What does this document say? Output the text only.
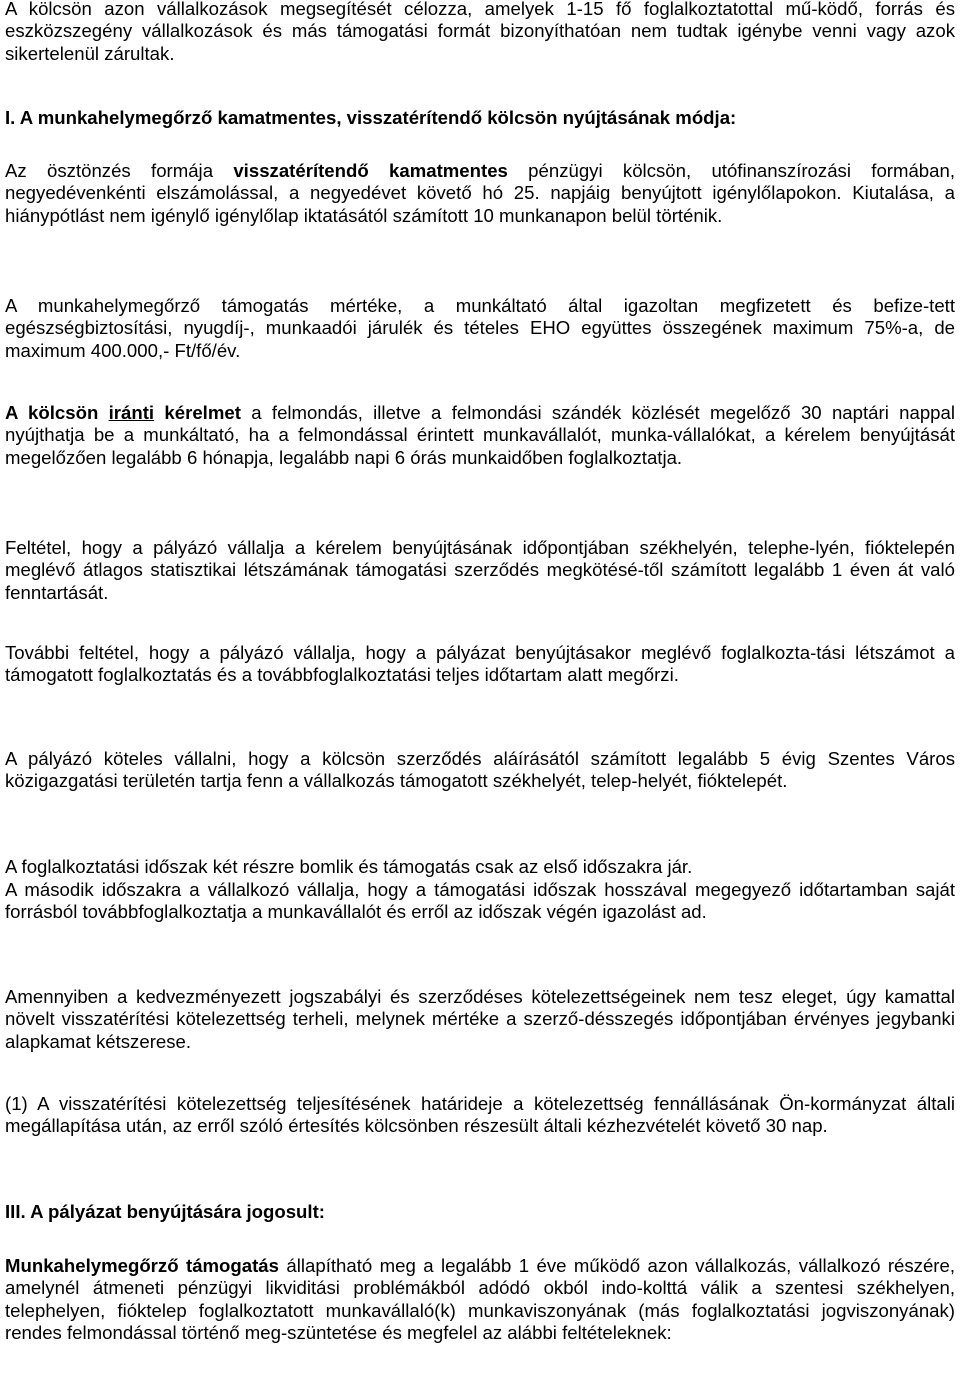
A kölcsön azon vállalkozások megsegítését célozza, amelyek 1-15 fő foglalkoztatottal mű-ködő, forrás és eszközszegény vállalkozások és más támogatási formát bizonyíthatóan nem tudtak igénybe venni vagy azok sikertelenül zárultak.

I. A munkahelymegőrző kamatmentes, visszatérítendő kölcsön nyújtásának módja:

Az ösztönzés formája visszatérítendő kamatmentes pénzügyi kölcsön, utófinanszírozási formában, negyedévenkénti elszámolással, a negyedévet követő hó 25. napjáig benyújtott igénylőlapokon. Kiutalása, a hiánypótlást nem igénylő igénylőlap iktatásától számított 10 munkanapon belül történik.

A munkahelymegőrző támogatás mértéke, a munkáltató által igazoltan megfizetett és befize-tett egészségbiztosítási, nyugdíj-, munkaadói járulék és tételes EHO együttes összegének maximum 75%-a, de maximum 400.000,- Ft/fő/év.

A kölcsön iránti kérelmet a felmondás, illetve a felmondási szándék közlését megelőző 30 naptári nappal nyújthatja be a munkáltató, ha a felmondással érintett munkavállalót, munka-vállalókat, a kérelem benyújtását megelőzően legalább 6 hónapja, legalább napi 6 órás munkaidőben foglalkoztatja.

Feltétel, hogy a pályázó vállalja a kérelem benyújtásának időpontjában székhelyén, telephe-lyén, fióktelepén meglévő átlagos statisztikai létszámának támogatási szerződés megkötésé-től számított legalább 1 éven át való fenntartását.

További feltétel, hogy a pályázó vállalja, hogy a pályázat benyújtásakor meglévő foglalkozta-tási létszámot a támogatott foglalkoztatás és a továbbfoglalkoztatási teljes időtartam alatt megőrzi.

A pályázó köteles vállalni, hogy a kölcsön szerződés aláírásától számított legalább 5 évig Szentes Város közigazgatási területén tartja fenn a vállalkozás támogatott székhelyét, telep-helyét, fióktelepét.

A foglalkoztatási időszak két részre bomlik és támogatás csak az első időszakra jár.

A második időszakra a vállalkozó vállalja, hogy a támogatási időszak hosszával megegyező időtartamban saját forrásból továbbfoglalkoztatja a munkavállalót és erről az időszak végén igazolást ad.

Amennyiben a kedvezményezett jogszabályi és szerződéses kötelezettségeinek nem tesz eleget, úgy kamattal növelt visszatérítési kötelezettség terheli, melynek mértéke a szerző-désszegés időpontjában érvényes jegybanki alapkamat kétszerese.

(1) A visszatérítési kötelezettség teljesítésének határideje a kötelezettség fennállásának Ön-kormányzat általi megállapítása után, az erről szóló értesítés kölcsönben részesült általi kézhezvételét követő 30 nap.

III. A pályázat benyújtására jogosult:

Munkahelymegőrző támogatás állapítható meg a legalább 1 éve működő azon vállalkozás, vállalkozó részére, amelynél átmeneti pénzügyi likviditási problémákból adódó okból indo-kolttá válik a szentesi székhelyen, telephelyen, fióktelep foglalkoztatott munkavállaló(k) munkaviszonyának (más foglalkoztatási jogviszonyának) rendes felmondással történő meg-szüntetése és megfelel az alábbi feltételeknek:
